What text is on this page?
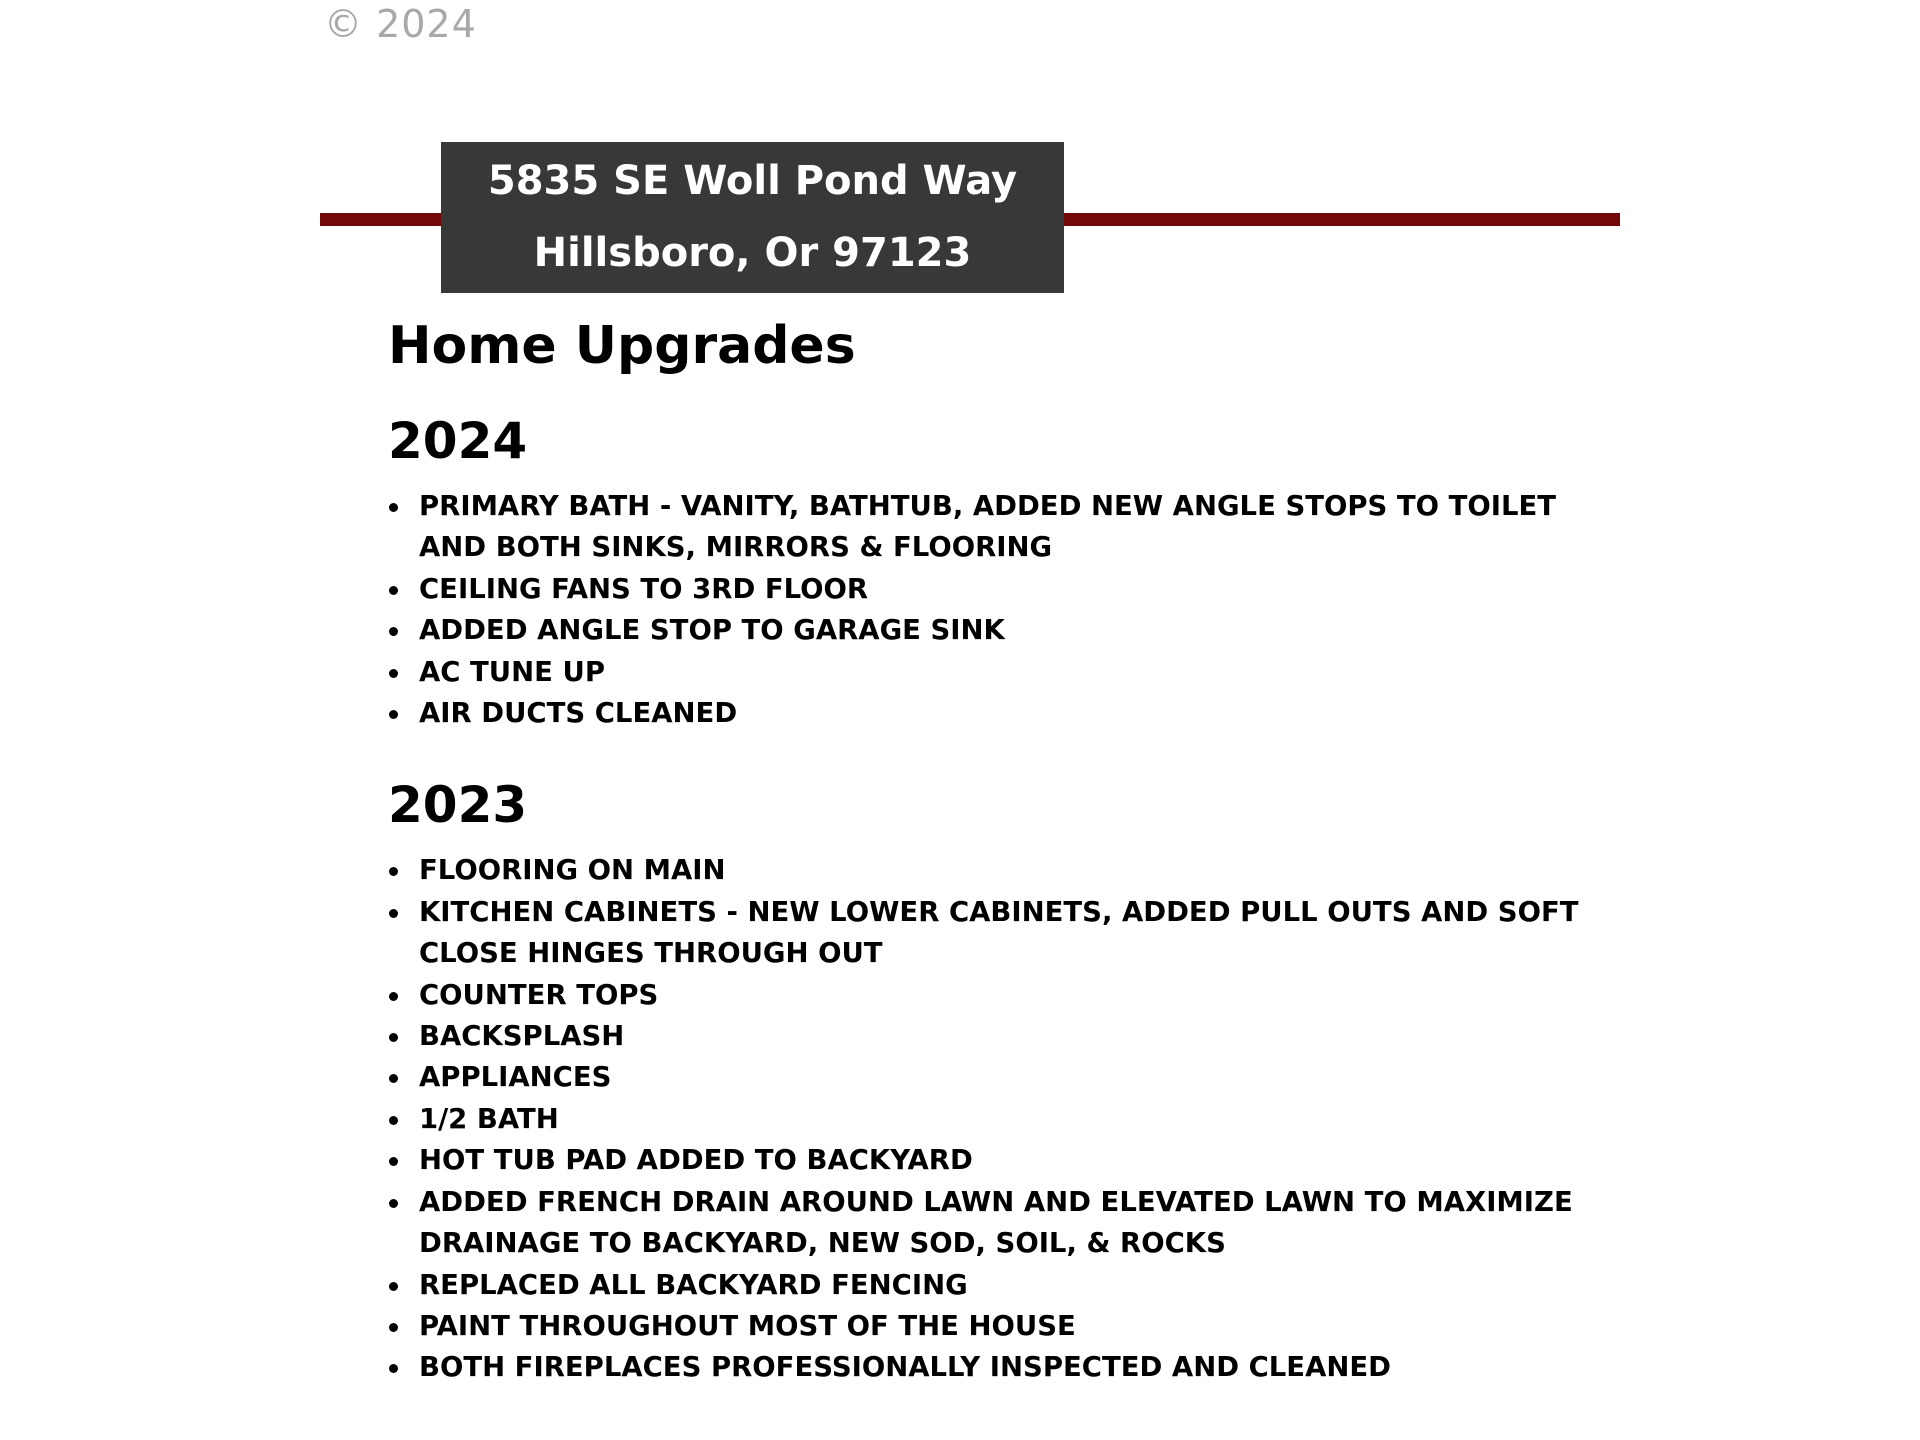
© 2024
5835 SE Woll Pond Way
Hillsboro, Or 97123
Home Upgrades
2024
PRIMARY BATH - VANITY, BATHTUB, ADDED NEW ANGLE STOPS TO TOILET
AND BOTH SINKS, MIRRORS & FLOORING
CEILING FANS TO 3RD FLOOR
ADDED ANGLE STOP TO GARAGE SINK
AC TUNE UP
AIR DUCTS CLEANED
2023
FLOORING ON MAIN
KITCHEN CABINETS - NEW LOWER CABINETS, ADDED PULL OUTS AND SOFT
CLOSE HINGES THROUGH OUT
COUNTER TOPS
BACKSPLASH
APPLIANCES
1/2 BATH
HOT TUB PAD ADDED TO BACKYARD
ADDED FRENCH DRAIN AROUND LAWN AND ELEVATED LAWN TO MAXIMIZE
DRAINAGE TO BACKYARD, NEW SOD, SOIL, & ROCKS
REPLACED ALL BACKYARD FENCING
PAINT THROUGHOUT MOST OF THE HOUSE
BOTH FIREPLACES PROFESSIONALLY INSPECTED AND CLEANED
